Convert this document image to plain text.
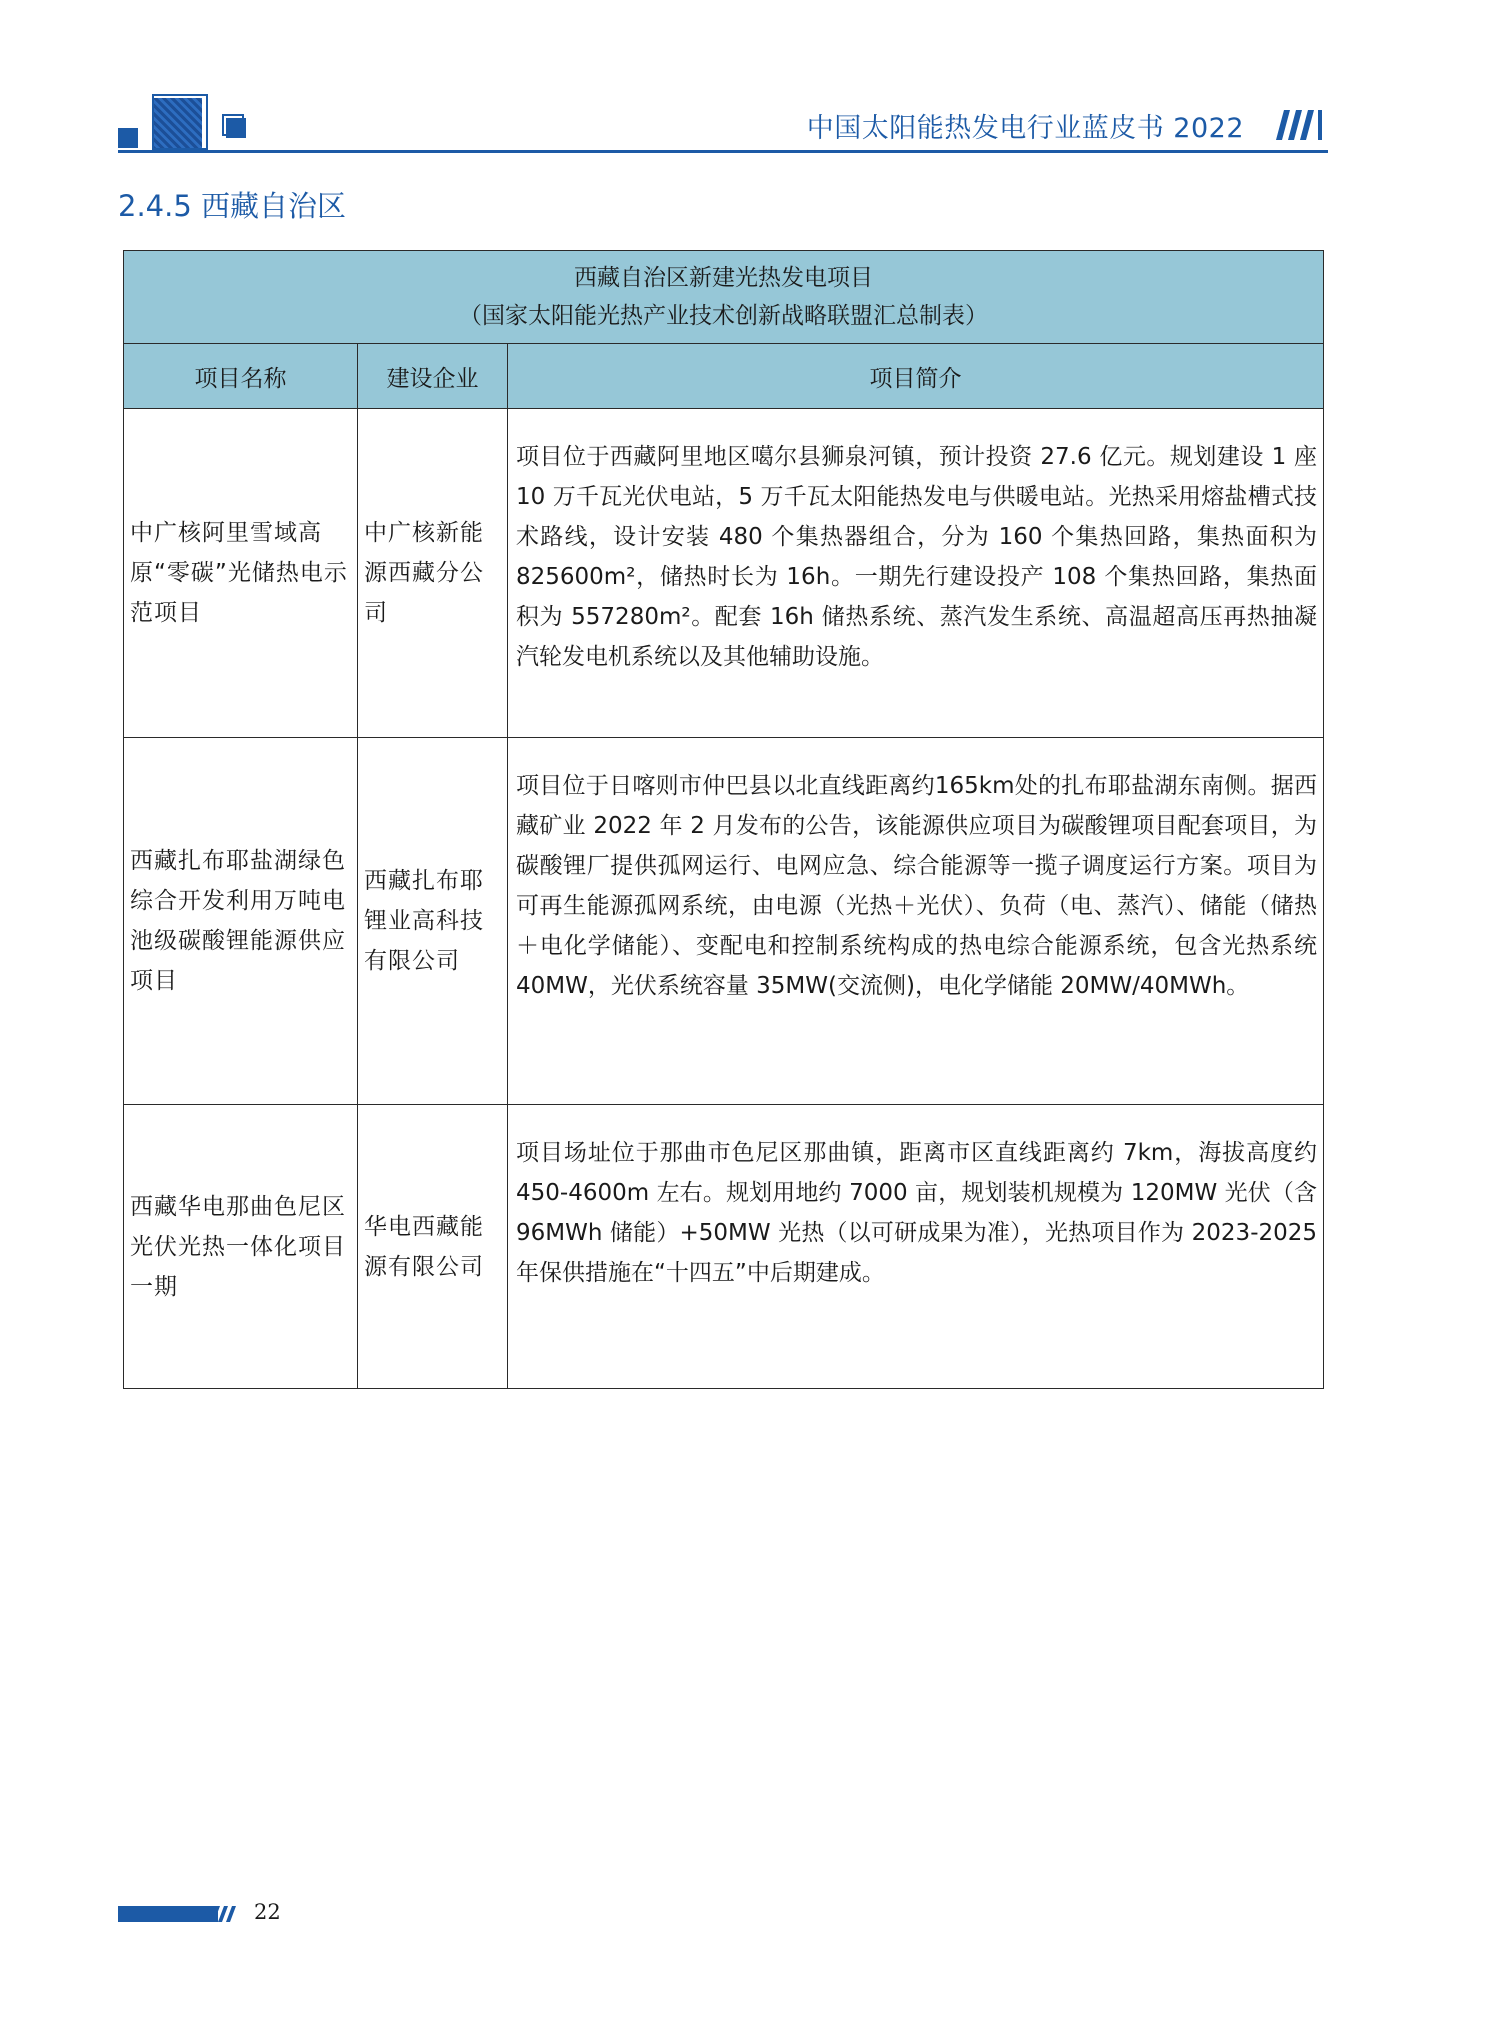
中国太阳能热发电行业蓝皮书 2022
2.4.5 西藏自治区
西藏自治区新建光热发电项目
（国家太阳能光热产业技术创新战略联盟汇总制表）		

项目名称	建设企业	项目简介
中广核阿里雪域高原“零碳”光储热电示范项目	中广核新能源西藏分公司	项目位于西藏阿里地区噶尔县狮泉河镇，预计投资 27.6 亿元。规划建设 1 座 10 万千瓦光伏电站，5 万千瓦太阳能热发电与供暖电站。光热采用熔盐槽式技术路线，设计安装 480 个集热器组合，分为 160 个集热回路，集热面积为 825600m²，储热时长为 16h。一期先行建设投产 108 个集热回路，集热面积为 557280m²。配套 16h 储热系统、蒸汽发生系统、高温超高压再热抽凝汽轮发电机系统以及其他辅助设施。
西藏扎布耶盐湖绿色综合开发利用万吨电池级碳酸锂能源供应项目	西藏扎布耶锂业高科技有限公司	项目位于日喀则市仲巴县以北直线距离约165km处的扎布耶盐湖东南侧。据西藏矿业 2022 年 2 月发布的公告，该能源供应项目为碳酸锂项目配套项目，为碳酸锂厂提供孤网运行、电网应急、综合能源等一揽子调度运行方案。项目为可再生能源孤网系统，由电源（光热＋光伏）、负荷（电、蒸汽）、储能（储热＋电化学储能）、变配电和控制系统构成的热电综合能源系统，包含光热系统 40MW，光伏系统容量 35MW(交流侧)，电化学储能 20MW/40MWh。
西藏华电那曲色尼区光伏光热一体化项目一期	华电西藏能源有限公司	项目场址位于那曲市色尼区那曲镇，距离市区直线距离约 7km，海拔高度约 450-4600m 左右。规划用地约 7000 亩，规划装机规模为 120MW 光伏（含 96MWh 储能）+50MW 光热（以可研成果为准），光热项目作为 2023-2025 年保供措施在“十四五”中后期建成。
22
